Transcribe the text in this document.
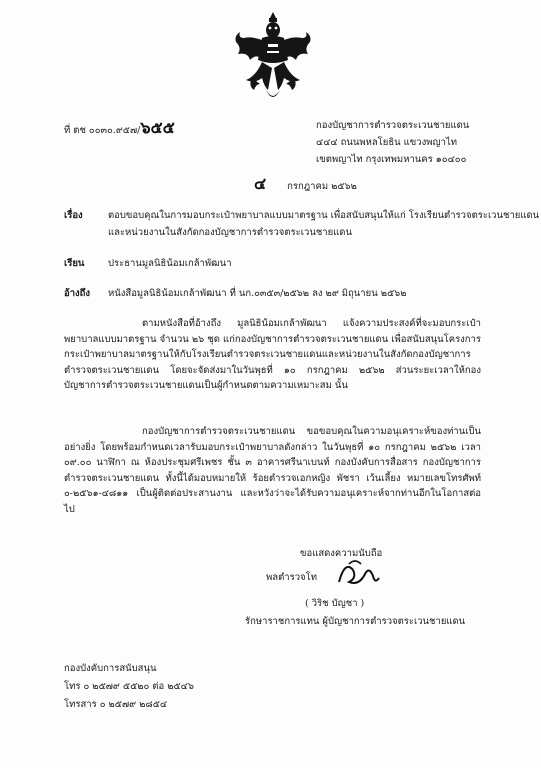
ที่ ตช ๐๐๓๐.๙๕๗/๖๕๕	กองบัญชาการตำรวจตระเวนชายแดน
๔๔๔ ถนนพหลโยธิน แขวงพญาไท
เขตพญาไท กรุงเทพมหานคร ๑๐๔๐๐
๔ กรกฎาคม ๒๕๖๒
เรื่อง	ตอบขอบคุณในการมอบกระเป๋าพยาบาลแบบมาตรฐาน เพื่อสนับสนุนให้แก่ โรงเรียนตำรวจตระเวนชายแดน
และหน่วยงานในสังกัดกองบัญชาการตำรวจตระเวนชายแดน
เรียน ประธานมูลนิธิน้อมเกล้าพัฒนา
อ้างถึง หนังสือมูลนิธิน้อมเกล้าพัฒนา ที่ นก.๐๓๕๓/๒๕๖๒ ลง ๒๙ มิถุนายน ๒๕๖๒
ตามหนังสือที่อ้างถึง มูลนิธิน้อมเกล้าพัฒนา แจ้งความประสงค์ที่จะมอบกระเป๋าพยาบาลแบบมาตรฐาน จำนวน ๒๖ ชุด แก่กองบัญชาการตำรวจตระเวนชายแดน เพื่อสนับสนุนโครงการกระเป๋าพยาบาลมาตรฐานให้กับโรงเรียนตำรวจตระเวนชายแดนและหน่วยงานในสังกัดกองบัญชาการตำรวจตระเวนชายแดน โดยจะจัดส่งมาในวันพุธที่ ๑๐ กรกฎาคม ๒๕๖๒ ส่วนระยะเวลาให้กองบัญชาการตำรวจตระเวนชายแดนเป็นผู้กำหนดตามความเหมาะสม นั้น
กองบัญชาการตำรวจตระเวนชายแดน ขอขอบคุณในความอนุเคราะห์ของท่านเป็นอย่างยิ่ง โดยพร้อมกำหนดเวลารับมอบกระเป๋าพยาบาลดังกล่าว ในวันพุธที่ ๑๐ กรกฎาคม ๒๕๖๒ เวลา ๐๙.๐๐ นาฬิกา ณ ห้องประชุมศรีเพชร ชั้น ๓ อาคารศรีนาเบนท์ กองบังคับการสื่อสาร กองบัญชาการตำรวจตระเวนชายแดน ทั้งนี้ได้มอบหมายให้ ร้อยตำรวจเอกหญิง พัชรา เว้นเลี้ยง หมายเลขโทรศัพท์ ๐-๒๕๖๑-๔๘๑๑ เป็นผู้ติดต่อประสานงาน และหวังว่าจะได้รับความอนุเคราะห์จากท่านอีกในโอกาสต่อไป
ขอแสดงความนับถือ
พลตำรวจโท
( วิริช บัญชา )
รักษาราชการแทน ผู้บัญชาการตำรวจตระเวนชายแดน
กองบังคับการสนับสนุน
โทร ๐ ๒๕๗๙ ๕๕๒๐ ต่อ ๒๕๔๖
โทรสาร ๐ ๒๕๗๙ ๒๘๕๔
